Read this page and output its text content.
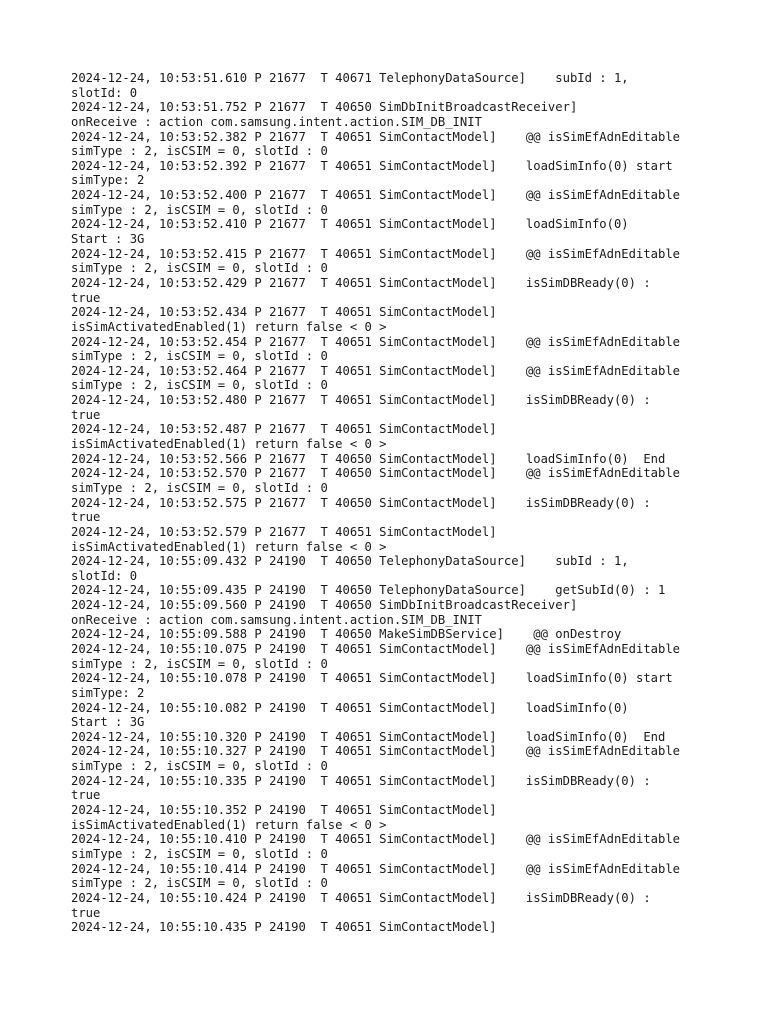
2024-12-24, 10:53:51.610 P 21677  T 40671 TelephonyDataSource]    subId : 1,
slotId: 0
2024-12-24, 10:53:51.752 P 21677  T 40650 SimDbInitBroadcastReceiver]
onReceive : action com.samsung.intent.action.SIM_DB_INIT
2024-12-24, 10:53:52.382 P 21677  T 40651 SimContactModel]    @@ isSimEfAdnEditable
simType : 2, isCSIM = 0, slotId : 0
2024-12-24, 10:53:52.392 P 21677  T 40651 SimContactModel]    loadSimInfo(0) start
simType: 2
2024-12-24, 10:53:52.400 P 21677  T 40651 SimContactModel]    @@ isSimEfAdnEditable
simType : 2, isCSIM = 0, slotId : 0
2024-12-24, 10:53:52.410 P 21677  T 40651 SimContactModel]    loadSimInfo(0)
Start : 3G
2024-12-24, 10:53:52.415 P 21677  T 40651 SimContactModel]    @@ isSimEfAdnEditable
simType : 2, isCSIM = 0, slotId : 0
2024-12-24, 10:53:52.429 P 21677  T 40651 SimContactModel]    isSimDBReady(0) :
true
2024-12-24, 10:53:52.434 P 21677  T 40651 SimContactModel]
isSimActivatedEnabled(1) return false < 0 >
2024-12-24, 10:53:52.454 P 21677  T 40651 SimContactModel]    @@ isSimEfAdnEditable
simType : 2, isCSIM = 0, slotId : 0
2024-12-24, 10:53:52.464 P 21677  T 40651 SimContactModel]    @@ isSimEfAdnEditable
simType : 2, isCSIM = 0, slotId : 0
2024-12-24, 10:53:52.480 P 21677  T 40651 SimContactModel]    isSimDBReady(0) :
true
2024-12-24, 10:53:52.487 P 21677  T 40651 SimContactModel]
isSimActivatedEnabled(1) return false < 0 >
2024-12-24, 10:53:52.566 P 21677  T 40650 SimContactModel]    loadSimInfo(0)  End
2024-12-24, 10:53:52.570 P 21677  T 40650 SimContactModel]    @@ isSimEfAdnEditable
simType : 2, isCSIM = 0, slotId : 0
2024-12-24, 10:53:52.575 P 21677  T 40650 SimContactModel]    isSimDBReady(0) :
true
2024-12-24, 10:53:52.579 P 21677  T 40651 SimContactModel]
isSimActivatedEnabled(1) return false < 0 >
2024-12-24, 10:55:09.432 P 24190  T 40650 TelephonyDataSource]    subId : 1,
slotId: 0
2024-12-24, 10:55:09.435 P 24190  T 40650 TelephonyDataSource]    getSubId(0) : 1
2024-12-24, 10:55:09.560 P 24190  T 40650 SimDbInitBroadcastReceiver]
onReceive : action com.samsung.intent.action.SIM_DB_INIT
2024-12-24, 10:55:09.588 P 24190  T 40650 MakeSimDBService]    @@ onDestroy
2024-12-24, 10:55:10.075 P 24190  T 40651 SimContactModel]    @@ isSimEfAdnEditable
simType : 2, isCSIM = 0, slotId : 0
2024-12-24, 10:55:10.078 P 24190  T 40651 SimContactModel]    loadSimInfo(0) start
simType: 2
2024-12-24, 10:55:10.082 P 24190  T 40651 SimContactModel]    loadSimInfo(0)
Start : 3G
2024-12-24, 10:55:10.320 P 24190  T 40651 SimContactModel]    loadSimInfo(0)  End
2024-12-24, 10:55:10.327 P 24190  T 40651 SimContactModel]    @@ isSimEfAdnEditable
simType : 2, isCSIM = 0, slotId : 0
2024-12-24, 10:55:10.335 P 24190  T 40651 SimContactModel]    isSimDBReady(0) :
true
2024-12-24, 10:55:10.352 P 24190  T 40651 SimContactModel]
isSimActivatedEnabled(1) return false < 0 >
2024-12-24, 10:55:10.410 P 24190  T 40651 SimContactModel]    @@ isSimEfAdnEditable
simType : 2, isCSIM = 0, slotId : 0
2024-12-24, 10:55:10.414 P 24190  T 40651 SimContactModel]    @@ isSimEfAdnEditable
simType : 2, isCSIM = 0, slotId : 0
2024-12-24, 10:55:10.424 P 24190  T 40651 SimContactModel]    isSimDBReady(0) :
true
2024-12-24, 10:55:10.435 P 24190  T 40651 SimContactModel]
